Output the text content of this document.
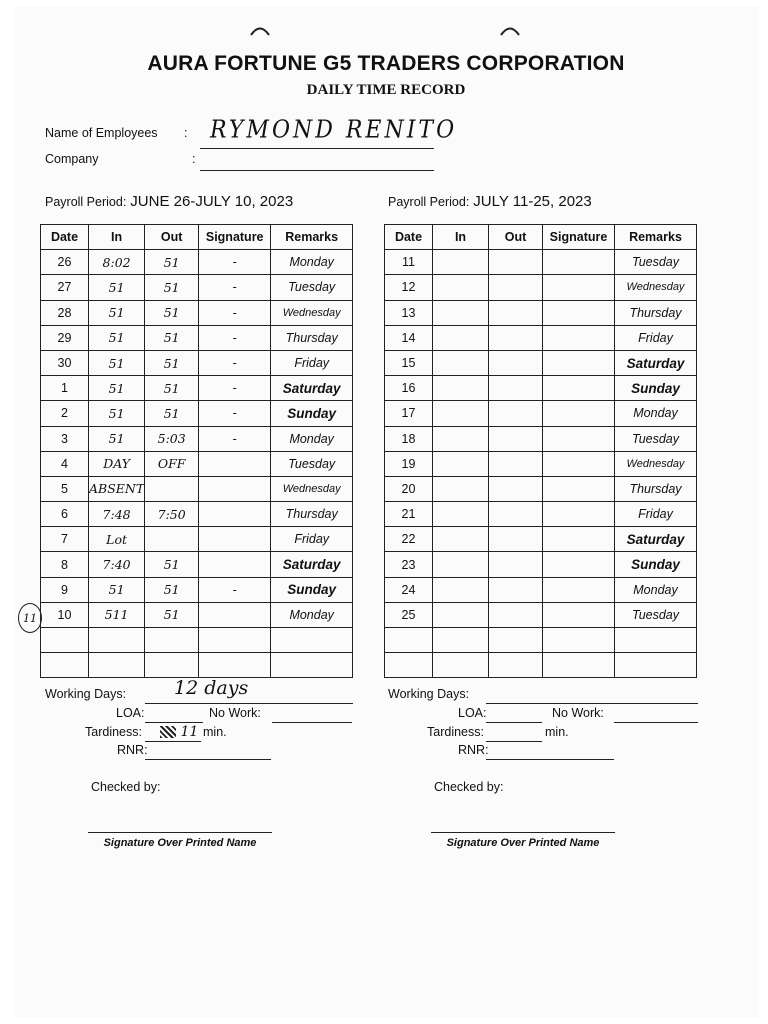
AURA FORTUNE G5 TRADERS CORPORATION
DAILY TIME RECORD
Name of Employees : RYMOND RENITO
Company	:
Payroll Period: JUNE 26-JULY 10, 2023	Payroll Period: JULY 11-25, 2023
Date	In	Out	Signature	Remarks
26	8:02	51	-	Monday
27	51	51	-	Tuesday
28	51	51	-	Wednesday
29	51	51	-	Thursday
30	51	51	-	Friday
1	51	51	-	Saturday
2	51	51	-	Sunday
3	51	5:03	-	Monday
4	DAY	OFF		Tuesday
5	ABSENT			Wednesday
6	7:48	7:50		Thursday
7	Lot			Friday
8	7:40	51		Saturday
9	51	51	-	Sunday
10	511	51		Monday

11
Date	In	Out	Signature	Remarks
11				Tuesday
12				Wednesday
13				Thursday
14				Friday
15				Saturday
16				Sunday
17				Monday
18				Tuesday
19				Wednesday
20				Thursday
21				Friday
22				Saturday
23				Sunday
24				Monday
25				Tuesday

Working Days:	12 days
LOA:	No Work:
Tardiness:	11 min.
RNR:
Checked by:
Signature Over Printed Name
Working Days:
LOA:	No Work:
Tardiness:	min.
RNR:
Checked by:
Signature Over Printed Name
